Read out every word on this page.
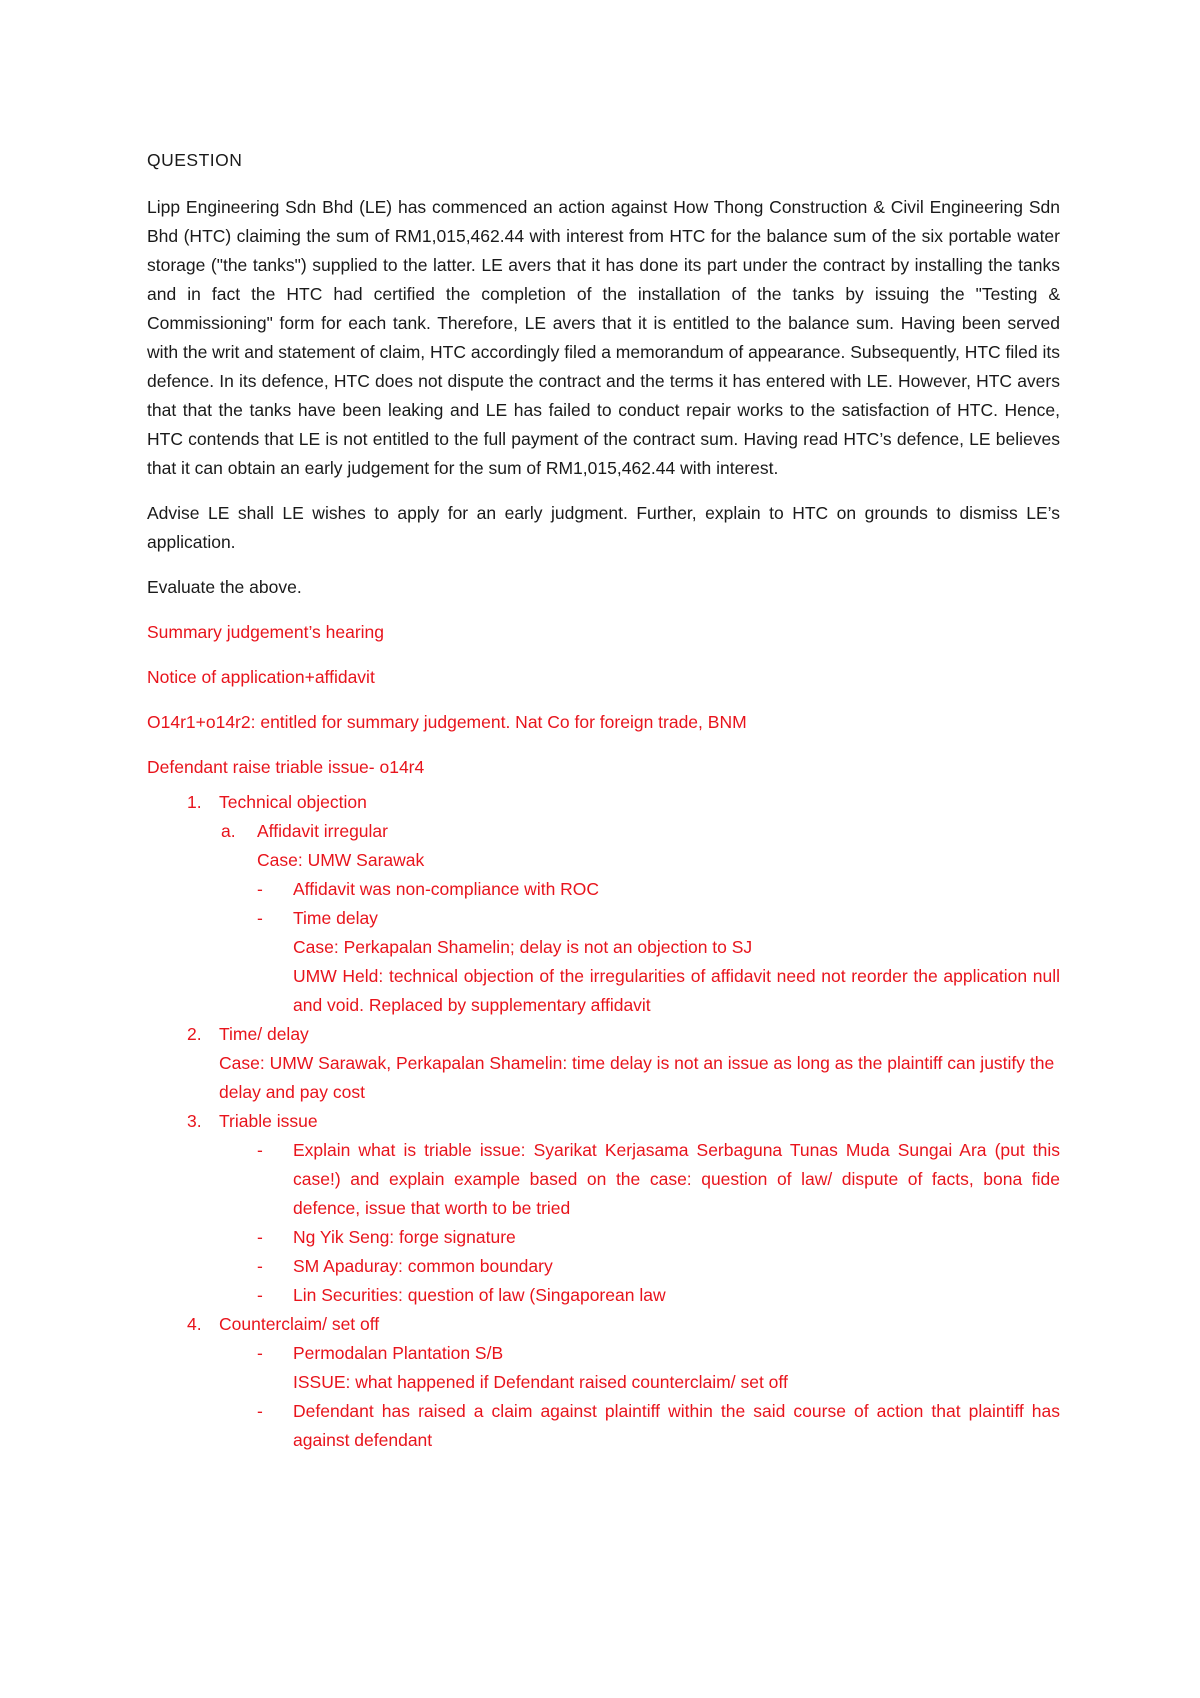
QUESTION
Lipp Engineering Sdn Bhd (LE) has commenced an action against How Thong Construction & Civil Engineering Sdn Bhd (HTC) claiming the sum of RM1,015,462.44 with interest from HTC for the balance sum of the six portable water storage ("the tanks") supplied to the latter. LE avers that it has done its part under the contract by installing the tanks and in fact the HTC had certified the completion of the installation of the tanks by issuing the "Testing & Commissioning" form for each tank. Therefore, LE avers that it is entitled to the balance sum. Having been served with the writ and statement of claim, HTC accordingly filed a memorandum of appearance. Subsequently, HTC filed its defence. In its defence, HTC does not dispute the contract and the terms it has entered with LE. However, HTC avers that that the tanks have been leaking and LE has failed to conduct repair works to the satisfaction of HTC. Hence, HTC contends that LE is not entitled to the full payment of the contract sum. Having read HTC’s defence, LE believes that it can obtain an early judgement for the sum of RM1,015,462.44 with interest.
Advise LE shall LE wishes to apply for an early judgment. Further, explain to HTC on grounds to dismiss LE’s application.
Evaluate the above.
Summary judgement’s hearing
Notice of application+affidavit
O14r1+o14r2: entitled for summary judgement. Nat Co for foreign trade, BNM
Defendant raise triable issue- o14r4
1. Technical objection
a. Affidavit irregular
Case: UMW Sarawak
- Affidavit was non-compliance with ROC
- Time delay
Case: Perkapalan Shamelin; delay is not an objection to SJ
UMW Held: technical objection of the irregularities of affidavit need not reorder the application null and void. Replaced by supplementary affidavit
2. Time/ delay
Case: UMW Sarawak, Perkapalan Shamelin: time delay is not an issue as long as the plaintiff can justify the delay and pay cost
3. Triable issue
- Explain what is triable issue: Syarikat Kerjasama Serbaguna Tunas Muda Sungai Ara (put this case!) and explain example based on the case: question of law/ dispute of facts, bona fide defence, issue that worth to be tried
- Ng Yik Seng: forge signature
- SM Apaduray: common boundary
- Lin Securities: question of law (Singaporean law
4. Counterclaim/ set off
- Permodalan Plantation S/B
ISSUE: what happened if Defendant raised counterclaim/ set off
- Defendant has raised a claim against plaintiff within the said course of action that plaintiff has against defendant
